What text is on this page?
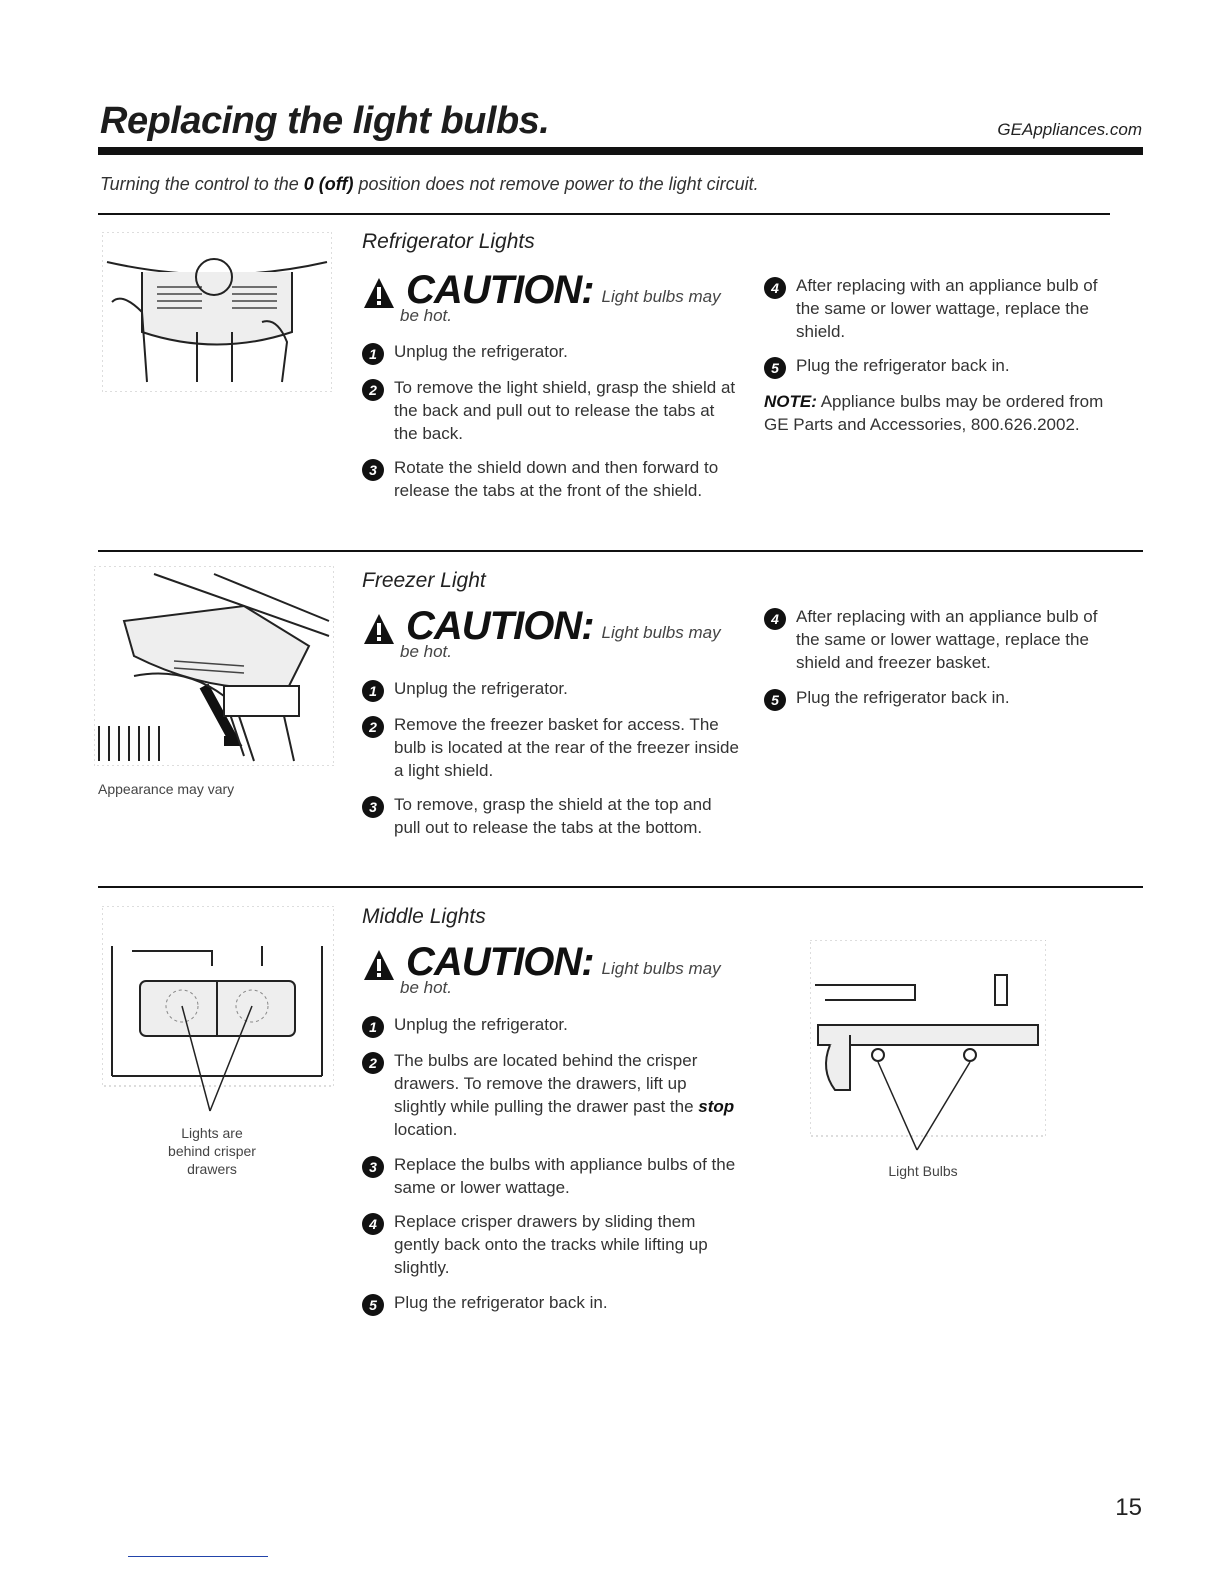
Replacing the light bulbs.	GEAppliances.com
Turning the control to the 0 (off) position does not remove power to the light circuit.
Refrigerator Lights
CAUTION: Light bulbs may
be hot.
1	Unplug the refrigerator.
2	To remove the light shield, grasp the shield at the back and pull out to release the tabs at the back.
3	Rotate the shield down and then forward to release the tabs at the front of the shield.
4	After replacing with an appliance bulb of the same or lower wattage, replace the shield.
5	Plug the refrigerator back in.
NOTE: Appliance bulbs may be ordered from GE Parts and Accessories, 800.626.2002.
Appearance may vary
Freezer Light
CAUTION: Light bulbs may
be hot.
1	Unplug the refrigerator.
2	Remove the freezer basket for access. The bulb is located at the rear of the freezer inside a light shield.
3	To remove, grasp the shield at the top and pull out to release the tabs at the bottom.
4	After replacing with an appliance bulb of the same or lower wattage, replace the shield and freezer basket.
5	Plug the refrigerator back in.
Lights are
behind crisper
drawers	Light Bulbs
Middle Lights
CAUTION: Light bulbs may
be hot.
1	Unplug the refrigerator.
2	The bulbs are located behind the crisper drawers. To remove the drawers, lift up slightly while pulling the drawer past the stop location.
3	Replace the bulbs with appliance bulbs of the same or lower wattage.
4	Replace crisper drawers by sliding them gently back onto the tracks while lifting up slightly.
5	Plug the refrigerator back in.
15
